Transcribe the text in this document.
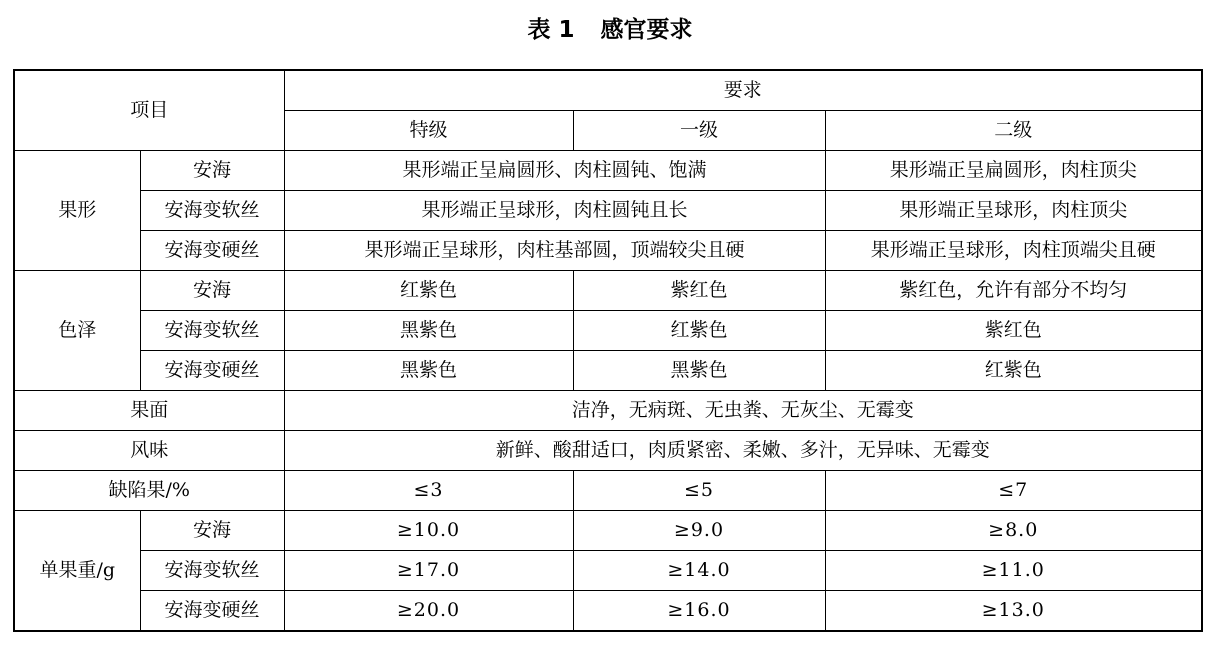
表 1 感官要求
项目		要求		
		特级	一级	二级
果形	安海	果形端正呈扁圆形、肉柱圆钝、饱满		果形端正呈扁圆形，肉柱顶尖
	安海变软丝	果形端正呈球形，肉柱圆钝且长		果形端正呈球形，肉柱顶尖
	安海变硬丝	果形端正呈球形，肉柱基部圆，顶端较尖且硬		果形端正呈球形，肉柱顶端尖且硬
色泽	安海	红紫色	紫红色	紫红色，允许有部分不均匀
	安海变软丝	黑紫色	红紫色	紫红色
	安海变硬丝	黑紫色	黑紫色	红紫色
果面		洁净，无病斑、无虫粪、无灰尘、无霉变		
风味		新鲜、酸甜适口，肉质紧密、柔嫩、多汁，无异味、无霉变		
缺陷果/%		≤3	≤5	≤7
单果重/g	安海	≥10.0	≥9.0	≥8.0
	安海变软丝	≥17.0	≥14.0	≥11.0
	安海变硬丝	≥20.0	≥16.0	≥13.0
